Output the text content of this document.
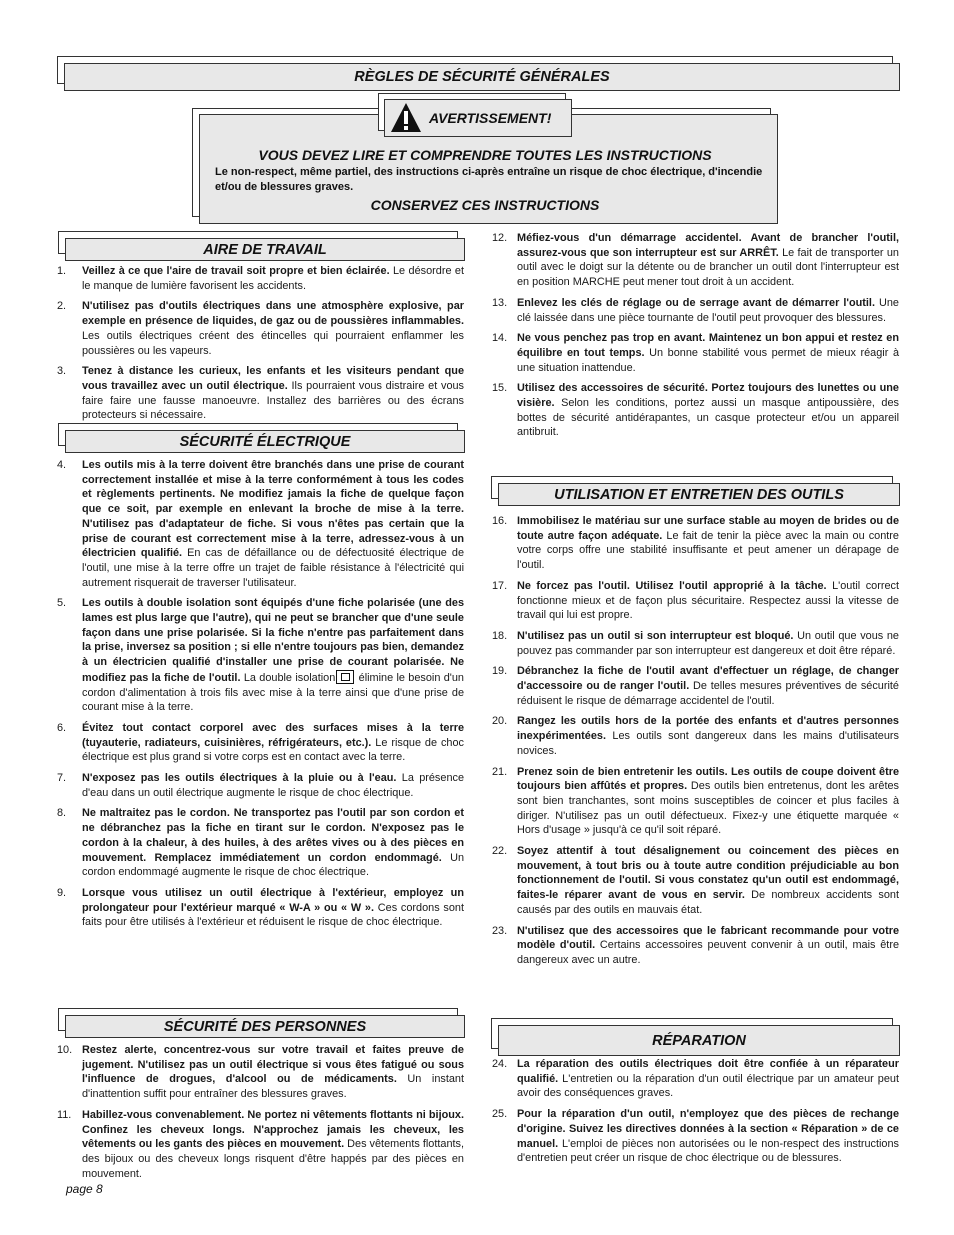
RÈGLES DE SÉCURITÉ GÉNÉRALES
VOUS DEVEZ LIRE ET COMPRENDRE TOUTES LES INSTRUCTIONS
Le non-respect, même partiel, des instructions ci-après entraîne un risque de choc électrique, d'incendie et/ou de blessures graves.
CONSERVEZ CES INSTRUCTIONS
AVERTISSEMENT!
AIRE DE TRAVAIL
SÉCURITÉ ÉLECTRIQUE
SÉCURITÉ DES PERSONNES
UTILISATION ET ENTRETIEN DES OUTILS
RÉPARATION
1. Veillez à ce que l'aire de travail soit propre et bien éclairée. Le désordre et le manque de lumière favorisent les accidents.
2. N'utilisez pas d'outils électriques dans une atmosphère explosive, par exemple en présence de liquides, de gaz ou de poussières inflammables. Les outils électriques créent des étincelles qui pourraient enflammer les poussières ou les vapeurs.
3. Tenez à distance les curieux, les enfants et les visiteurs pendant que vous travaillez avec un outil électrique. Ils pourraient vous distraire et vous faire faire une fausse manoeuvre. Installez des barrières ou des écrans protecteurs si nécessaire.
4. Les outils mis à la terre doivent être branchés dans une prise de courant correctement installée et mise à la terre conformément à tous les codes et règlements pertinents. Ne modifiez jamais la fiche de quelque façon que ce soit, par exemple en enlevant la broche de mise à la terre. N'utilisez pas d'adaptateur de fiche. Si vous n'êtes pas certain que la prise de courant est correctement mise à la terre, adressez-vous à un électricien qualifié. En cas de défaillance ou de défectuosité électrique de l'outil, une mise à la terre offre un trajet de faible résistance à l'électricité qui autrement risquerait de traverser l'utilisateur.
5. Les outils à double isolation sont équipés d'une fiche polarisée (une des lames est plus large que l'autre), qui ne peut se brancher que d'une seule façon dans une prise polarisée. Si la fiche n'entre pas parfaitement dans la prise, inversez sa position ; si elle n'entre toujours pas bien, demandez à un électricien qualifié d'installer une prise de courant polarisée. Ne modifiez pas la fiche de l'outil. La double isolation élimine le besoin d'un cordon d'alimentation à trois fils avec mise à la terre ainsi que d'une prise de courant mise à la terre.
6. Évitez tout contact corporel avec des surfaces mises à la terre (tuyauterie, radiateurs, cuisinières, réfrigérateurs, etc.). Le risque de choc électrique est plus grand si votre corps est en contact avec la terre.
7. N'exposez pas les outils électriques à la pluie ou à l'eau. La présence d'eau dans un outil électrique augmente le risque de choc électrique.
8. Ne maltraitez pas le cordon. Ne transportez pas l'outil par son cordon et ne débranchez pas la fiche en tirant sur le cordon. N'exposez pas le cordon à la chaleur, à des huiles, à des arêtes vives ou à des pièces en mouvement. Remplacez immédiatement un cordon endommagé. Un cordon endommagé augmente le risque de choc électrique.
9. Lorsque vous utilisez un outil électrique à l'extérieur, employez un prolongateur pour l'extérieur marqué « W-A » ou « W ». Ces cordons sont faits pour être utilisés à l'extérieur et réduisent le risque de choc électrique.
10. Restez alerte, concentrez-vous sur votre travail et faites preuve de jugement. N'utilisez pas un outil électrique si vous êtes fatigué ou sous l'influence de drogues, d'alcool ou de médicaments. Un instant d'inattention suffit pour entraîner des blessures graves.
11. Habillez-vous convenablement. Ne portez ni vêtements flottants ni bijoux. Confinez les cheveux longs. N'approchez jamais les cheveux, les vêtements ou les gants des pièces en mouvement. Des vêtements flottants, des bijoux ou des cheveux longs risquent d'être happés par des pièces en mouvement.
12. Méfiez-vous d'un démarrage accidentel. Avant de brancher l'outil, assurez-vous que son interrupteur est sur ARRÊT. Le fait de transporter un outil avec le doigt sur la détente ou de brancher un outil dont l'interrupteur est en position MARCHE peut mener tout droit à un accident.
13. Enlevez les clés de réglage ou de serrage avant de démarrer l'outil. Une clé laissée dans une pièce tournante de l'outil peut provoquer des blessures.
14. Ne vous penchez pas trop en avant. Maintenez un bon appui et restez en équilibre en tout temps. Un bonne stabilité vous permet de mieux réagir à une situation inattendue.
15. Utilisez des accessoires de sécurité. Portez toujours des lunettes ou une visière. Selon les conditions, portez aussi un masque antipoussière, des bottes de sécurité antidérapantes, un casque protecteur et/ou un appareil antibruit.
16. Immobilisez le matériau sur une surface stable au moyen de brides ou de toute autre façon adéquate. Le fait de tenir la pièce avec la main ou contre votre corps offre une stabilité insuffisante et peut amener un dérapage de l'outil.
17. Ne forcez pas l'outil. Utilisez l'outil approprié à la tâche. L'outil correct fonctionne mieux et de façon plus sécuritaire. Respectez aussi la vitesse de travail qui lui est propre.
18. N'utilisez pas un outil si son interrupteur est bloqué. Un outil que vous ne pouvez pas commander par son interrupteur est dangereux et doit être réparé.
19. Débranchez la fiche de l'outil avant d'effectuer un réglage, de changer d'accessoire ou de ranger l'outil. De telles mesures préventives de sécurité réduisent le risque de démarrage accidentel de l'outil.
20. Rangez les outils hors de la portée des enfants et d'autres personnes inexpérimentées. Les outils sont dangereux dans les mains d'utilisateurs novices.
21. Prenez soin de bien entretenir les outils. Les outils de coupe doivent être toujours bien affûtés et propres. Des outils bien entretenus, dont les arêtes sont bien tranchantes, sont moins susceptibles de coincer et plus faciles à diriger. N'utilisez pas un outil défectueux. Fixez-y une étiquette marquée « Hors d'usage » jusqu'à ce qu'il soit réparé.
22. Soyez attentif à tout désalignement ou coincement des pièces en mouvement, à tout bris ou à toute autre condition préjudiciable au bon fonctionnement de l'outil. Si vous constatez qu'un outil est endommagé, faites-le réparer avant de vous en servir. De nombreux accidents sont causés par des outils en mauvais état.
23. N'utilisez que des accessoires que le fabricant recommande pour votre modèle d'outil. Certains accessoires peuvent convenir à un outil, mais être dangereux avec un autre.
24. La réparation des outils électriques doit être confiée à un réparateur qualifié. L'entretien ou la réparation d'un outil électrique par un amateur peut avoir des conséquences graves.
25. Pour la réparation d'un outil, n'employez que des pièces de rechange d'origine. Suivez les directives données à la section « Réparation » de ce manuel. L'emploi de pièces non autorisées ou le non-respect des instructions d'entretien peut créer un risque de choc électrique ou de blessures.
page 8
